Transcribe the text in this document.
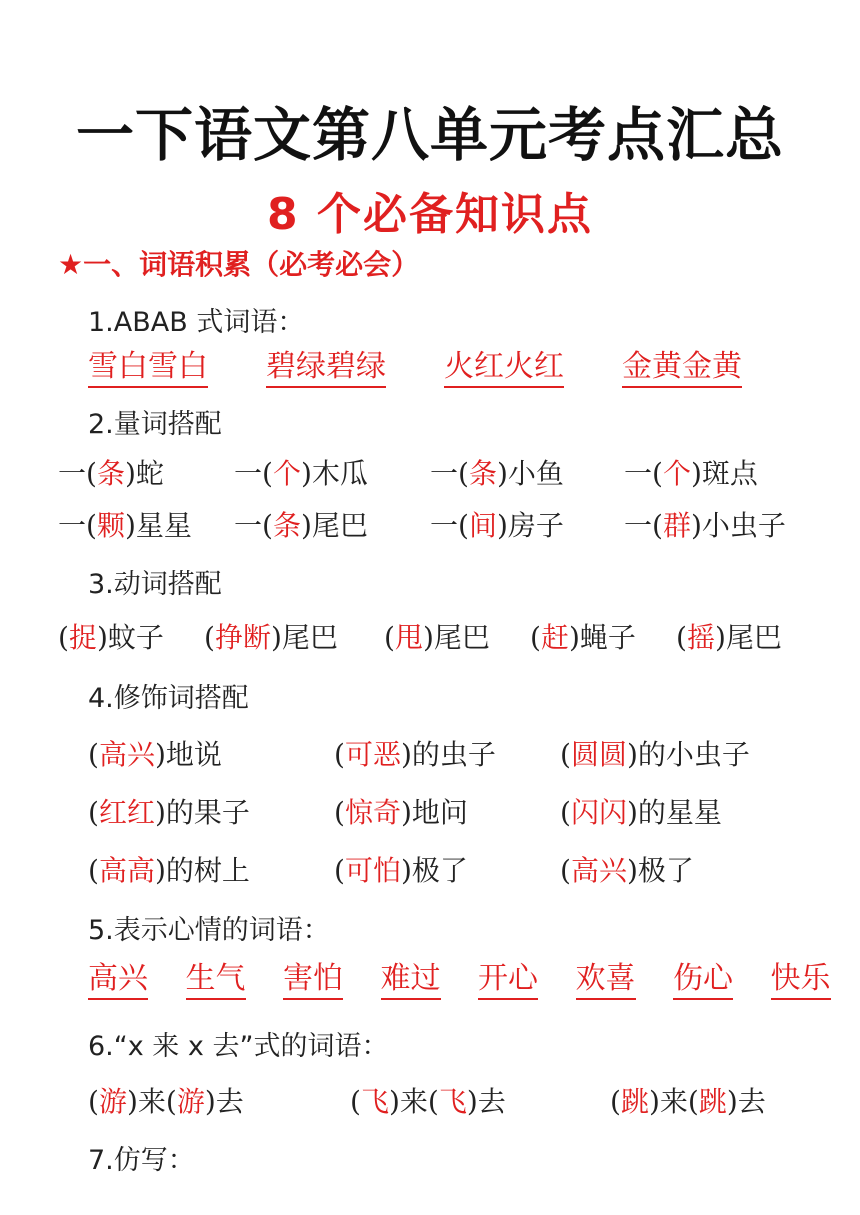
一下语文第八单元考点汇总
8 个必备知识点
★一、词语积累（必考必会）
1.ABAB 式词语：
雪白雪白 碧绿碧绿 火红火红 金黄金黄
2.量词搭配
一(条)蛇	一(个)木瓜 一(条)小鱼 一(个)斑点
一(颗)星星 一(条)尾巴 一(间)房子 一(群)小虫子
3.动词搭配
(捉)蚊子 (挣断)尾巴 (甩)尾巴 (赶)蝇子 (摇)尾巴
4.修饰词搭配
(高兴)地说	(可恶)的虫子 (圆圆)的小虫子
(红红)的果子	(惊奇)地问	(闪闪)的星星
(高高)的树上	(可怕)极了	(高兴)极了
5.表示心情的词语：
高兴 生气 害怕 难过 开心 欢喜 伤心 快乐
6.“x 来 x 去”式的词语：
(游)来(游)去	(飞)来(飞)去	(跳)来(跳)去
7.仿写：
